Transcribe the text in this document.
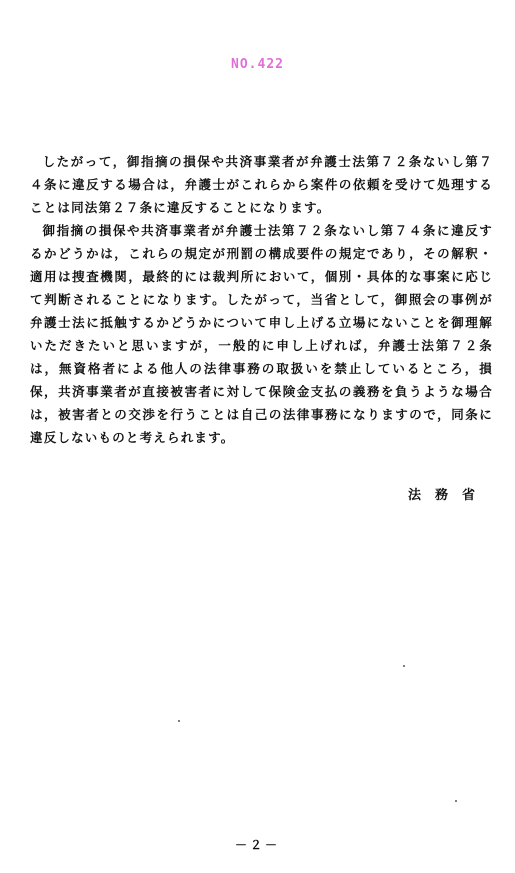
NO.422

したがって，御指摘の損保や共済事業者が弁護士法第７２条ないし第７４条に違反する場合は，弁護士がこれらから案件の依頼を受けて処理することは同法第２７条に違反することになります。

御指摘の損保や共済事業者が弁護士法第７２条ないし第７４条に違反するかどうかは，これらの規定が刑罰の構成要件の規定であり，その解釈・適用は捜査機関，最終的には裁判所において，個別・具体的な事案に応じて判断されることになります。したがって，当省として，御照会の事例が弁護士法に抵触するかどうかについて申し上げる立場にないことを御理解いただきたいと思いますが，一般的に申し上げれば，弁護士法第７２条は，無資格者による他人の法律事務の取扱いを禁止しているところ，損保，共済事業者が直接被害者に対して保険金支払の義務を負うような場合は，被害者との交渉を行うことは自己の法律事務になりますので，同条に違反しないものと考えられます。

法務省
－２－
